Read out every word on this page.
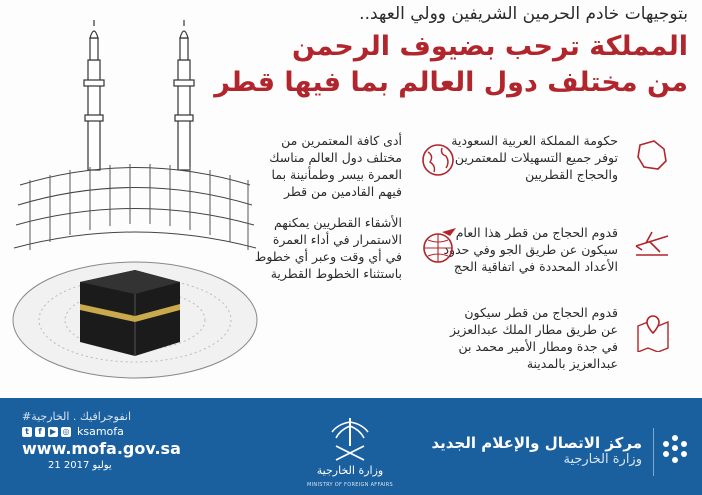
بتوجيهات خادم الحرمين الشريفين وولي العهد..
المملكة ترحب بضيوف الرحمن
من مختلف دول العالم بما فيها قطر
حكومة المملكة العربية السعودية
توفر جميع التسهيلات للمعتمرين
والحجاج القطريين
قدوم الحجاج من قطر هذا العام
سيكون عن طريق الجو وفي حدود
الأعداد المحددة في اتفاقية الحج
قدوم الحجاج من قطر سيكون
عن طريق مطار الملك عبدالعزيز
في جدة ومطار الأمير محمد بن
عبدالعزيز بالمدينة
أدى كافة المعتمرين من
مختلف دول العالم مناسك
العمرة بيسر وطمأنينة بما
فيهم القادمين من قطر
الأشقاء القطريين يمكنهم
الاستمرار في أداء العمرة
في أي وقت وعبر أي خطوط
باستثناء الخطوط القطرية
#انفوجرافيك . الخارجية
t	f	▶ ◎ ksamofa
www.mofa.gov.sa
21 يوليو 2017	وزارة الخارجية
MINISTRY OF FOREIGN AFFAIRS
مركز الاتصال والإعلام الجديد
وزارة الخارجية
